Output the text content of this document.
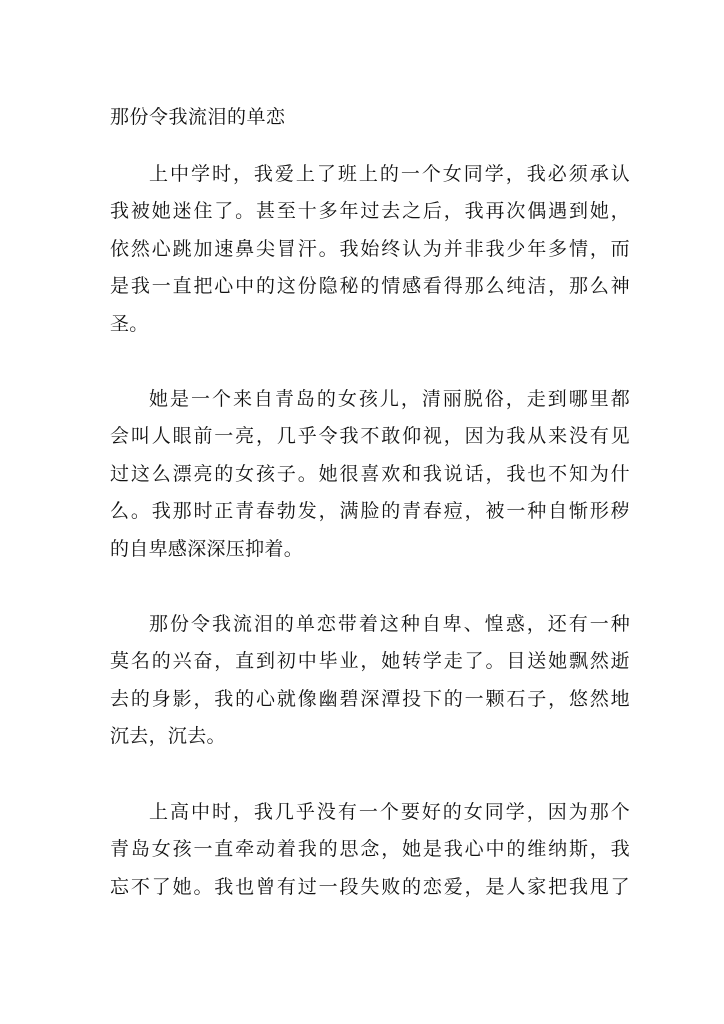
那份令我流泪的单恋
上中学时，我爱上了班上的一个女同学，我必须承认
我被她迷住了。甚至十多年过去之后，我再次偶遇到她，
依然心跳加速鼻尖冒汗。我始终认为并非我少年多情，而
是我一直把心中的这份隐秘的情感看得那么纯洁，那么神
圣。
她是一个来自青岛的女孩儿，清丽脱俗，走到哪里都
会叫人眼前一亮，几乎令我不敢仰视，因为我从来没有见
过这么漂亮的女孩子。她很喜欢和我说话，我也不知为什
么。我那时正青春勃发，满脸的青春痘，被一种自惭形秽
的自卑感深深压抑着。
那份令我流泪的单恋带着这种自卑、惶惑，还有一种
莫名的兴奋，直到初中毕业，她转学走了。目送她飘然逝
去的身影，我的心就像幽碧深潭投下的一颗石子，悠然地
沉去，沉去。
上高中时，我几乎没有一个要好的女同学，因为那个
青岛女孩一直牵动着我的思念，她是我心中的维纳斯，我
忘不了她。我也曾有过一段失败的恋爱，是人家把我甩了
